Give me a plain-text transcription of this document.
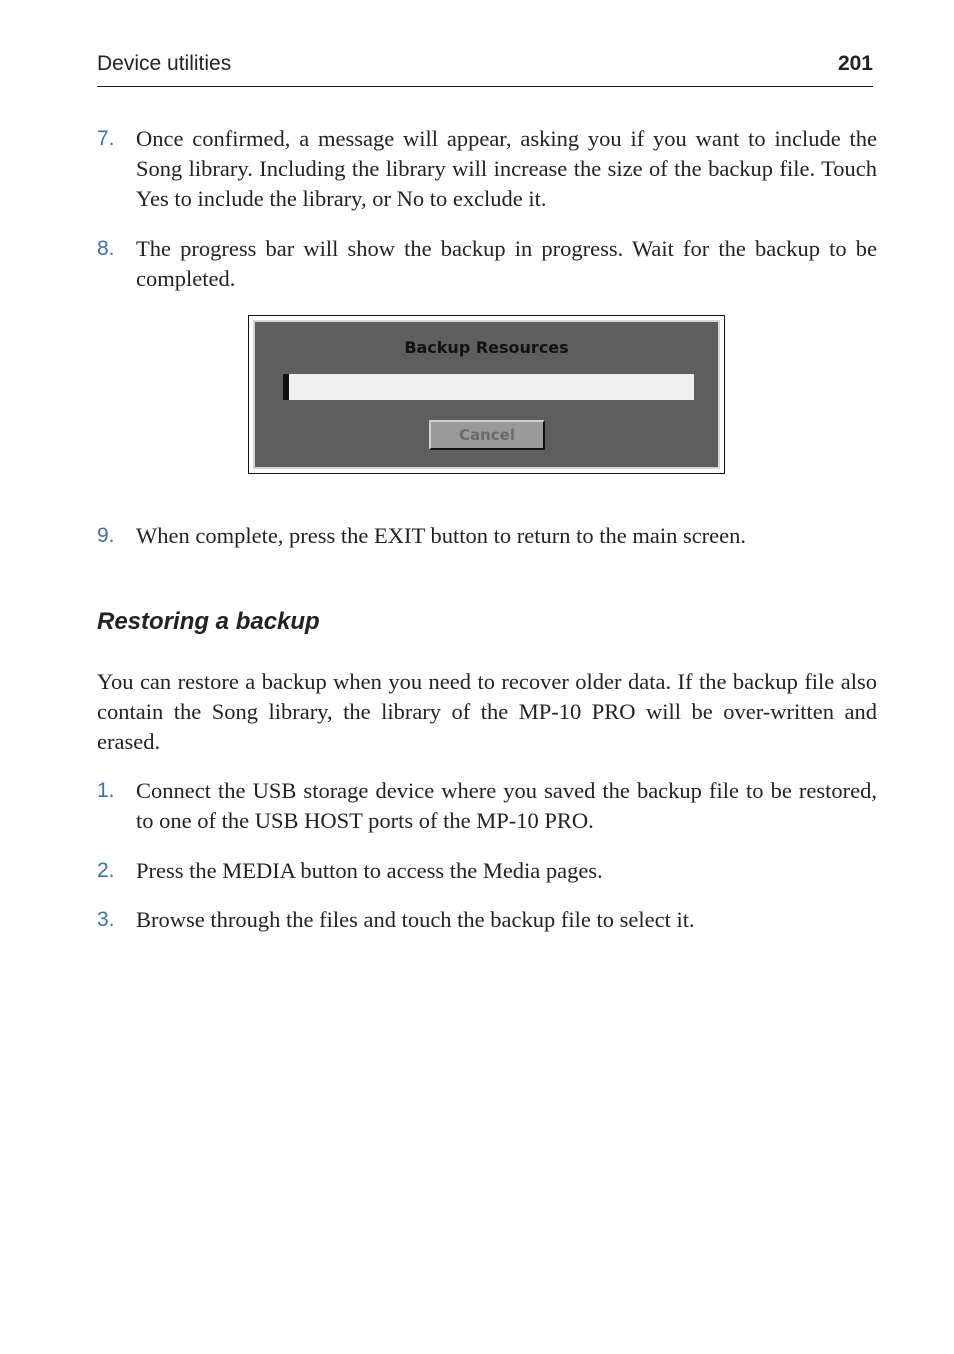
Device utilities	201
7. Once confirmed, a message will appear, asking you if you want to include the Song library. Including the library will increase the size of the backup file. Touch Yes to include the library, or No to exclude it.
8. The progress bar will show the backup in progress. Wait for the backup to be completed.
Backup Resources
Cancel
9. When complete, press the EXIT button to return to the main screen.
Restoring a backup
You can restore a backup when you need to recover older data. If the backup file also contain the Song library, the library of the MP-10 PRO will be over-written and erased.
1. Connect the USB storage device where you saved the backup file to be restored, to one of the USB HOST ports of the MP-10 PRO.
2. Press the MEDIA button to access the Media pages.
3. Browse through the files and touch the backup file to select it.
